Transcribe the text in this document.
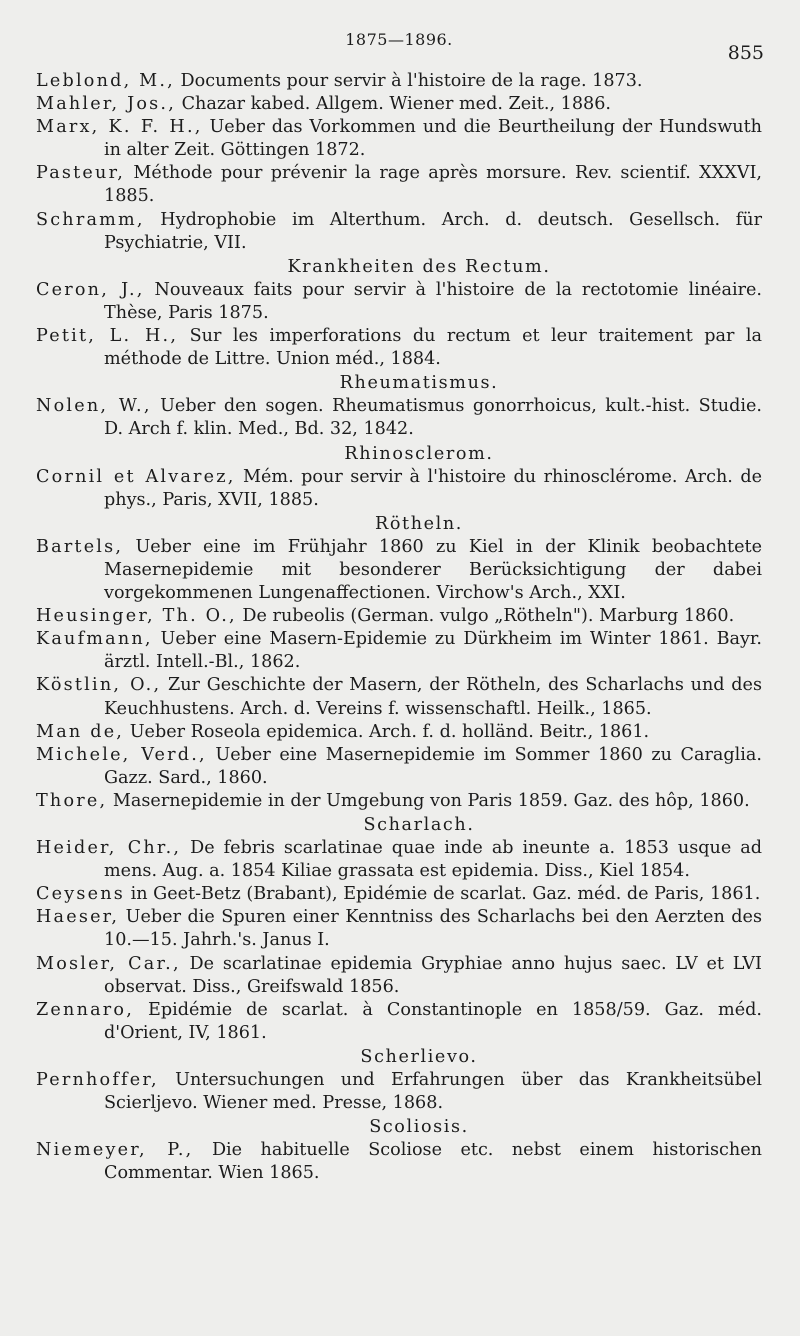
1875—1896.
855
Leblond, M., Documents pour servir à l'histoire de la rage. 1873.
Mahler, Jos., Chazar kabed. Allgem. Wiener med. Zeit., 1886.
Marx, K. F. H., Ueber das Vorkommen und die Beurtheilung der Hundswuth in alter Zeit. Göttingen 1872.
Pasteur, Méthode pour prévenir la rage après morsure. Rev. scientif. XXXVI, 1885.
Schramm, Hydrophobie im Alterthum. Arch. d. deutsch. Gesellsch. für Psychiatrie, VII.
Krankheiten des Rectum.
Ceron, J., Nouveaux faits pour servir à l'histoire de la rectotomie linéaire. Thèse, Paris 1875.
Petit, L. H., Sur les imperforations du rectum et leur traitement par la méthode de Littre. Union méd., 1884.
Rheumatismus.
Nolen, W., Ueber den sogen. Rheumatismus gonorrhoicus, kult.-hist. Studie. D. Arch f. klin. Med., Bd. 32, 1842.
Rhinosclerom.
Cornil et Alvarez, Mém. pour servir à l'histoire du rhinosclérome. Arch. de phys., Paris, XVII, 1885.
Rötheln.
Bartels, Ueber eine im Frühjahr 1860 zu Kiel in der Klinik beobachtete Masernepidemie mit besonderer Berücksichtigung der dabei vorgekommenen Lungenaffectionen. Virchow's Arch., XXI.
Heusinger, Th. O., De rubeolis (German. vulgo „Rötheln"). Marburg 1860.
Kaufmann, Ueber eine Masern-Epidemie zu Dürkheim im Winter 1861. Bayr. ärztl. Intell.-Bl., 1862.
Köstlin, O., Zur Geschichte der Masern, der Rötheln, des Scharlachs und des Keuchhustens. Arch. d. Vereins f. wissenschaftl. Heilk., 1865.
Man de, Ueber Roseola epidemica. Arch. f. d. holländ. Beitr., 1861.
Michele, Verd., Ueber eine Masernepidemie im Sommer 1860 zu Caraglia. Gazz. Sard., 1860.
Thore, Masernepidemie in der Umgebung von Paris 1859. Gaz. des hôp, 1860.
Scharlach.
Heider, Chr., De febris scarlatinae quae inde ab ineunte a. 1853 usque ad mens. Aug. a. 1854 Kiliae grassata est epidemia. Diss., Kiel 1854.
Ceysens in Geet-Betz (Brabant), Epidémie de scarlat. Gaz. méd. de Paris, 1861.
Haeser, Ueber die Spuren einer Kenntniss des Scharlachs bei den Aerzten des 10.—15. Jahrh.'s. Janus I.
Mosler, Car., De scarlatinae epidemia Gryphiae anno hujus saec. LV et LVI observat. Diss., Greifswald 1856.
Zennaro, Epidémie de scarlat. à Constantinople en 1858/59. Gaz. méd. d'Orient, IV, 1861.
Scherlievo.
Pernhoffer, Untersuchungen und Erfahrungen über das Krankheitsübel Scierljevo. Wiener med. Presse, 1868.
Scoliosis.
Niemeyer, P., Die habituelle Scoliose etc. nebst einem historischen Commentar. Wien 1865.
